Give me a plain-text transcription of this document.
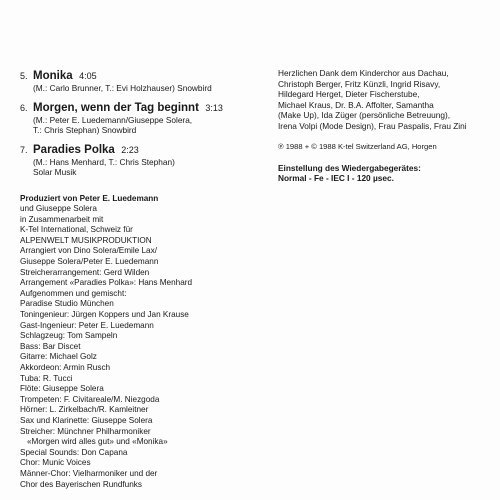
5. Monika 4:05
(M.: Carlo Brunner, T.: Evi Holzhauser) Snowbird
6. Morgen, wenn der Tag beginnt 3:13
(M.: Peter E. Luedemann/Giuseppe Solera,
T.: Chris Stephan) Snowbird
7. Paradies Polka 2:23
(M.: Hans Menhard, T.: Chris Stephan)
Solar Musik
Produziert von Peter E. Luedemann
und Giuseppe Solera
in Zusammenarbeit mit
K-Tel International, Schweiz für
ALPENWELT MUSIKPRODUKTION
Arrangiert von Dino Solera/Emile Lax/
Giuseppe Solera/Peter E. Luedemann
Streicherarrangement: Gerd Wilden
Arrangement «Paradies Polka»: Hans Menhard
Aufgenommen und gemischt:
Paradise Studio München
Toningenieur: Jürgen Koppers und Jan Krause
Gast-Ingenieur: Peter E. Luedemann
Schlagzeug: Tom Sampeln
Bass: Bar Discet
Gitarre: Michael Golz
Akkordeon: Armin Rusch
Tuba: R. Tucci
Flöte: Giuseppe Solera
Trompeten: F. Civitareale/M. Niezgoda
Hörner: L. Zirkelbach/R. Kamleitner
Sax und Klarinette: Giuseppe Solera
Streicher: Münchner Philharmoniker
«Morgen wird alles gut» und «Monika»
Special Sounds: Don Capana
Chor: Munic Voices
Männer-Chor: Vielharmoniker und der
Chor des Bayerischen Rundfunks
Herzlichen Dank dem Kinderchor aus Dachau,
Christoph Berger, Fritz Künzli, Ingrid Risavy,
Hildegard Herget, Dieter Fischerstube,
Michael Kraus, Dr. B.A. Affolter, Samantha
(Make Up), Ida Züger (persönliche Betreuung),
Irena Volpi (Mode Design), Frau Paspalis, Frau Zini
℗ 1988 + © 1988 K-tel Switzerland AG, Horgen
Einstellung des Wiedergabegerätes:
Normal - Fe - IEC I - 120 µsec.
